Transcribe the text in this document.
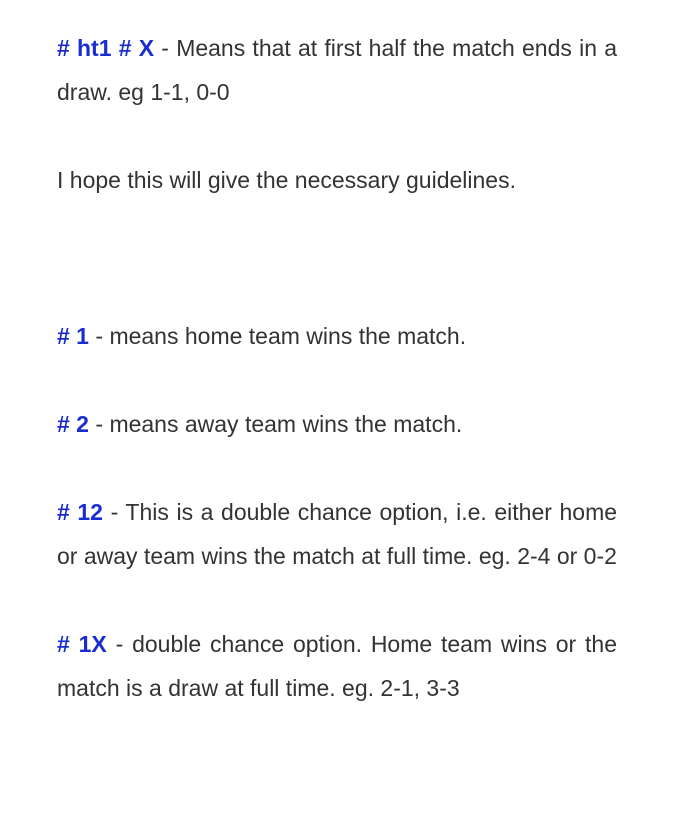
# ht1 # X - Means that at first half the match ends in a draw. eg 1-1, 0-0

I hope this will give the necessary guidelines.

# 1 - means home team wins the match.

# 2 - means away team wins the match.

# 12 - This is a double chance option, i.e. either home or away team wins the match at full time. eg. 2-4 or 0-2

# 1X - double chance option. Home team wins or the match is a draw at full time. eg. 2-1, 3-3
